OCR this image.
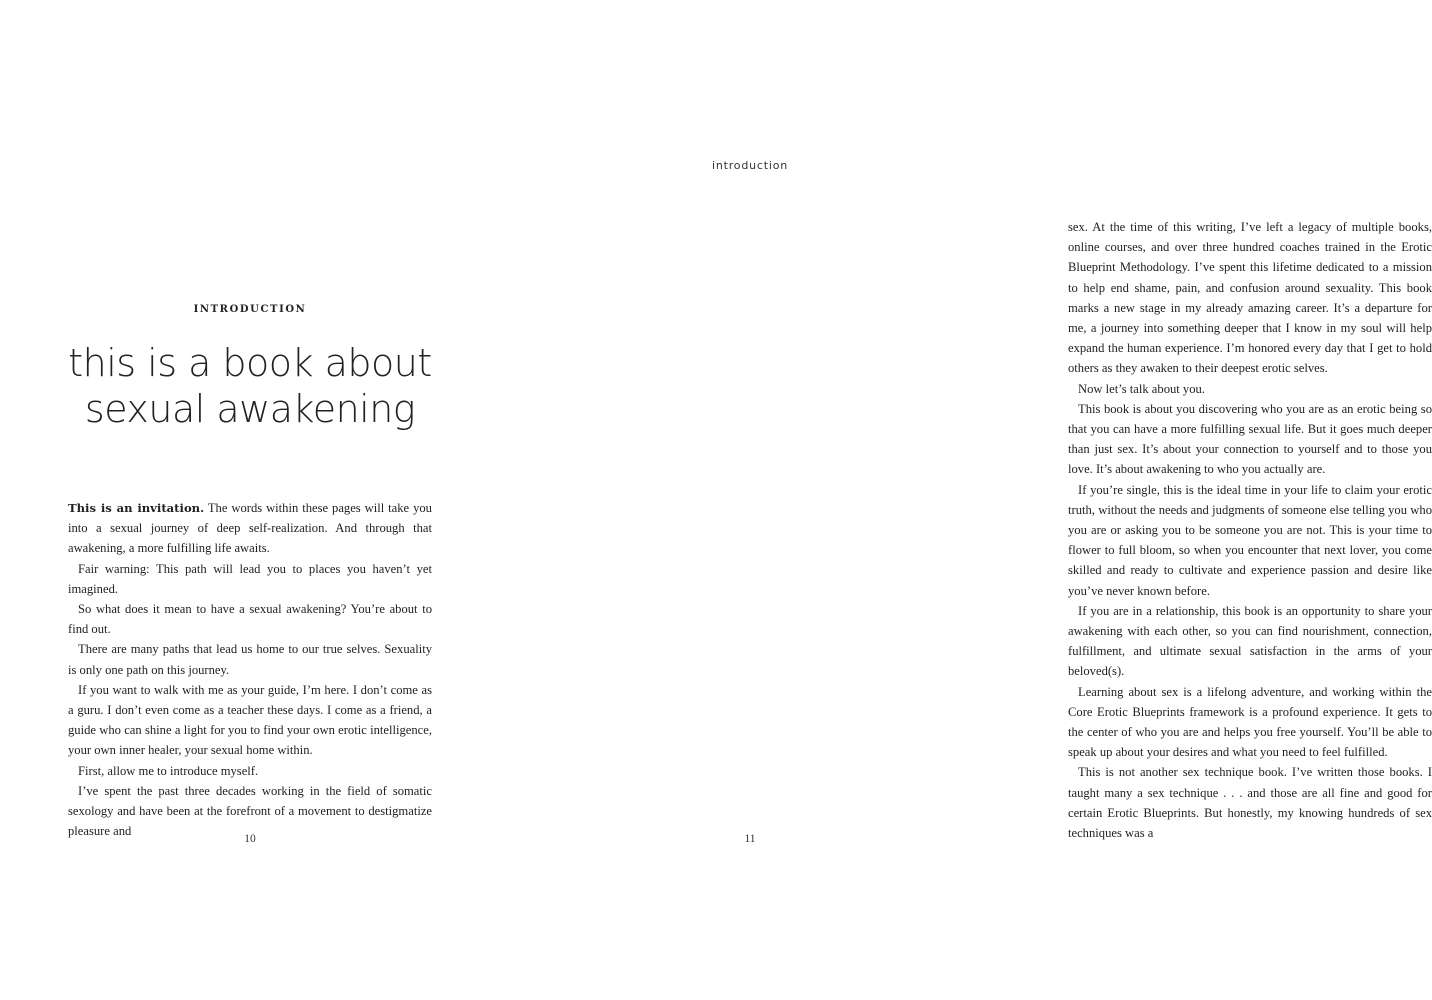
INTRODUCTION
this is a book about
sexual awakening

This is an invitation. The words within these pages will take you into a sexual journey of deep self-realization. And through that awakening, a more fulfilling life awaits.

Fair warning: This path will lead you to places you haven’t yet imagined.

So what does it mean to have a sexual awakening? You’re about to find out.

There are many paths that lead us home to our true selves. Sexuality is only one path on this journey.

If you want to walk with me as your guide, I’m here. I don’t come as a guru. I don’t even come as a teacher these days. I come as a friend, a guide who can shine a light for you to find your own erotic intelligence, your own inner healer, your sexual home within.

First, allow me to introduce myself.

I’ve spent the past three decades working in the field of somatic sexology and have been at the forefront of a movement to destigmatize pleasure and

10
introduction

sex. At the time of this writing, I’ve left a legacy of multiple books, online courses, and over three hundred coaches trained in the Erotic Blueprint Methodology. I’ve spent this lifetime dedicated to a mission to help end shame, pain, and confusion around sexuality. This book marks a new stage in my already amazing career. It’s a departure for me, a journey into something deeper that I know in my soul will help expand the human experience. I’m honored every day that I get to hold others as they awaken to their deepest erotic selves.

Now let’s talk about you.

This book is about you discovering who you are as an erotic being so that you can have a more fulfilling sexual life. But it goes much deeper than just sex. It’s about your connection to yourself and to those you love. It’s about awakening to who you actually are.

If you’re single, this is the ideal time in your life to claim your erotic truth, without the needs and judgments of someone else telling you who you are or asking you to be someone you are not. This is your time to flower to full bloom, so when you encounter that next lover, you come skilled and ready to cultivate and experience passion and desire like you’ve never known before.

If you are in a relationship, this book is an opportunity to share your awakening with each other, so you can find nourishment, connection, fulfillment, and ultimate sexual satisfaction in the arms of your beloved(s).

Learning about sex is a lifelong adventure, and working within the Core Erotic Blueprints framework is a profound experience. It gets to the center of who you are and helps you free yourself. You’ll be able to speak up about your desires and what you need to feel fulfilled.

This is not another sex technique book. I’ve written those books. I taught many a sex technique . . . and those are all fine and good for certain Erotic Blueprints. But honestly, my knowing hundreds of sex techniques was a

11
